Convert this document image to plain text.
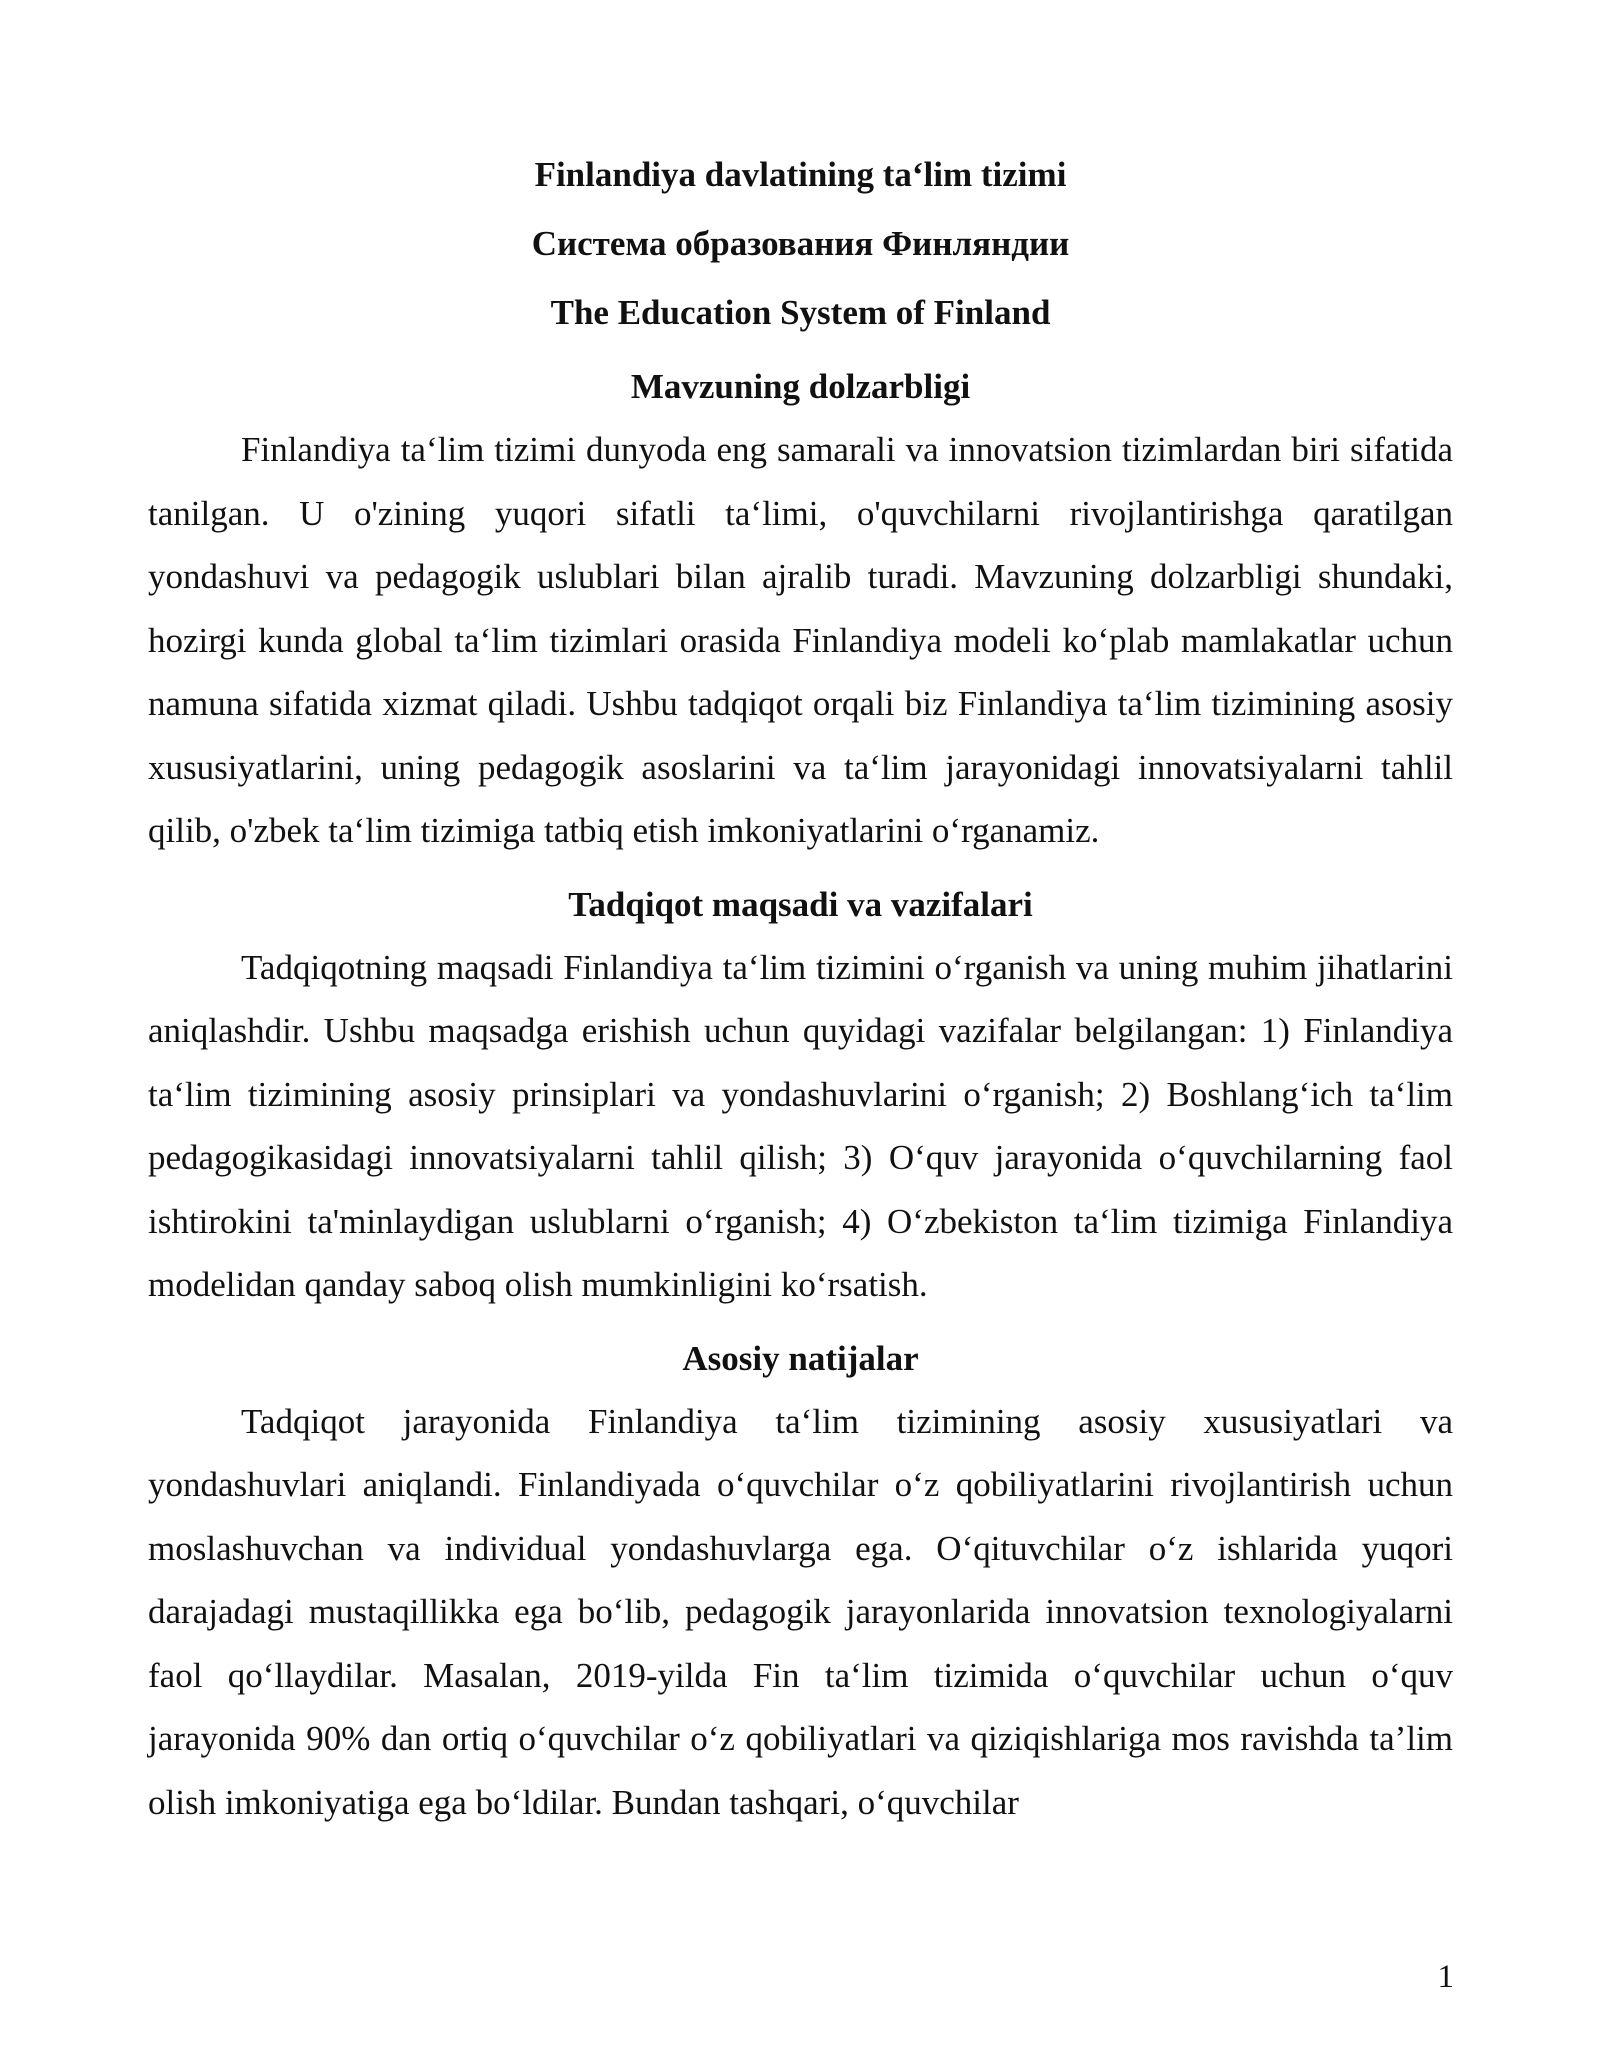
Finlandiya davlatining ta‘lim tizimi
Система образования Финляндии
The Education System of Finland
Mavzuning dolzarbligi

Finlandiya ta‘lim tizimi dunyoda eng samarali va innovatsion tizimlardan biri sifatida tanilgan. U o'zining yuqori sifatli ta‘limi, o'quvchilarni rivojlantirishga qaratilgan yondashuvi va pedagogik uslublari bilan ajralib turadi. Mavzuning dolzarbligi shundaki, hozirgi kunda global ta‘lim tizimlari orasida Finlandiya modeli ko‘plab mamlakatlar uchun namuna sifatida xizmat qiladi. Ushbu tadqiqot orqali biz Finlandiya ta‘lim tizimining asosiy xususiyatlarini, uning pedagogik asoslarini va ta‘lim jarayonidagi innovatsiyalarni tahlil qilib, o'zbek ta‘lim tizimiga tatbiq etish imkoniyatlarini o‘rganamiz.

Tadqiqot maqsadi va vazifalari

Tadqiqotning maqsadi Finlandiya ta‘lim tizimini o‘rganish va uning muhim jihatlarini aniqlashdir. Ushbu maqsadga erishish uchun quyidagi vazifalar belgilangan: 1) Finlandiya ta‘lim tizimining asosiy prinsiplari va yondashuvlarini o‘rganish; 2) Boshlang‘ich ta‘lim pedagogikasidagi innovatsiyalarni tahlil qilish; 3) O‘quv jarayonida o‘quvchilarning faol ishtirokini ta'minlaydigan uslublarni o‘rganish; 4) O‘zbekiston ta‘lim tizimiga Finlandiya modelidan qanday saboq olish mumkinligini ko‘rsatish.

Asosiy natijalar

Tadqiqot jarayonida Finlandiya ta‘lim tizimining asosiy xususiyatlari va yondashuvlari aniqlandi. Finlandiyada o‘quvchilar o‘z qobiliyatlarini rivojlantirish uchun moslashuvchan va individual yondashuvlarga ega. O‘qituvchilar o‘z ishlarida yuqori darajadagi mustaqillikka ega bo‘lib, pedagogik jarayonlarida innovatsion texnologiyalarni faol qo‘llaydilar. Masalan, 2019-yilda Fin ta‘lim tizimida o‘quvchilar uchun o‘quv jarayonida 90% dan ortiq o‘quvchilar o‘z qobiliyatlari va qiziqishlariga mos ravishda ta’lim olish imkoniyatiga ega bo‘ldilar. Bundan tashqari, o‘quvchilar

1
